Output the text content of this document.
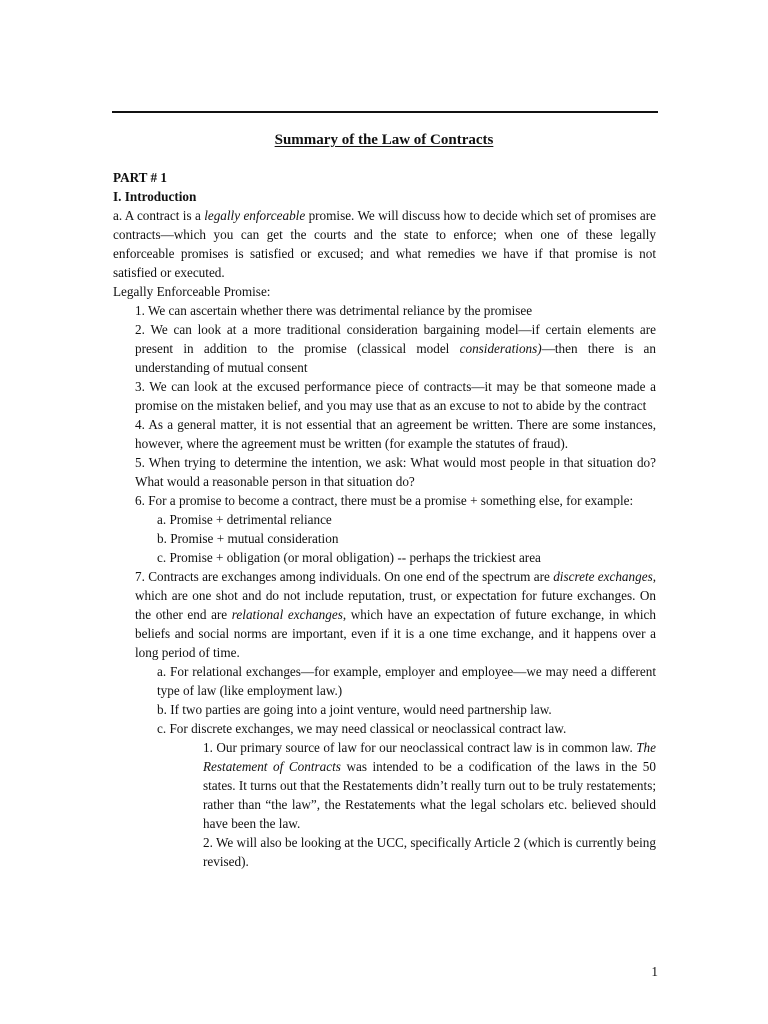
Summary of the Law of Contracts

PART # 1

I. Introduction

a. A contract is a legally enforceable promise. We will discuss how to decide which set of promises are contracts—which you can get the courts and the state to enforce; when one of these legally enforceable promises is satisfied or excused; and what remedies we have if that promise is not satisfied or executed.

Legally Enforceable Promise:

1. We can ascertain whether there was detrimental reliance by the promisee

2. We can look at a more traditional consideration bargaining model—if certain elements are present in addition to the promise (classical model considerations)—then there is an understanding of mutual consent

3. We can look at the excused performance piece of contracts—it may be that someone made a promise on the mistaken belief, and you may use that as an excuse to not to abide by the contract

4. As a general matter, it is not essential that an agreement be written. There are some instances, however, where the agreement must be written (for example the statutes of fraud).

5. When trying to determine the intention, we ask: What would most people in that situation do? What would a reasonable person in that situation do?

6. For a promise to become a contract, there must be a promise + something else, for example:

a. Promise + detrimental reliance

b. Promise + mutual consideration

c. Promise + obligation (or moral obligation) -- perhaps the trickiest area

7. Contracts are exchanges among individuals. On one end of the spectrum are discrete exchanges, which are one shot and do not include reputation, trust, or expectation for future exchanges. On the other end are relational exchanges, which have an expectation of future exchange, in which beliefs and social norms are important, even if it is a one time exchange, and it happens over a long period of time.

a. For relational exchanges—for example, employer and employee—we may need a different type of law (like employment law.)

b. If two parties are going into a joint venture, would need partnership law.

c. For discrete exchanges, we may need classical or neoclassical contract law.

1. Our primary source of law for our neoclassical contract law is in common law. The Restatement of Contracts was intended to be a codification of the laws in the 50 states. It turns out that the Restatements didn’t really turn out to be truly restatements; rather than “the law”, the Restatements what the legal scholars etc. believed should have been the law.

2. We will also be looking at the UCC, specifically Article 2 (which is currently being revised).

1
